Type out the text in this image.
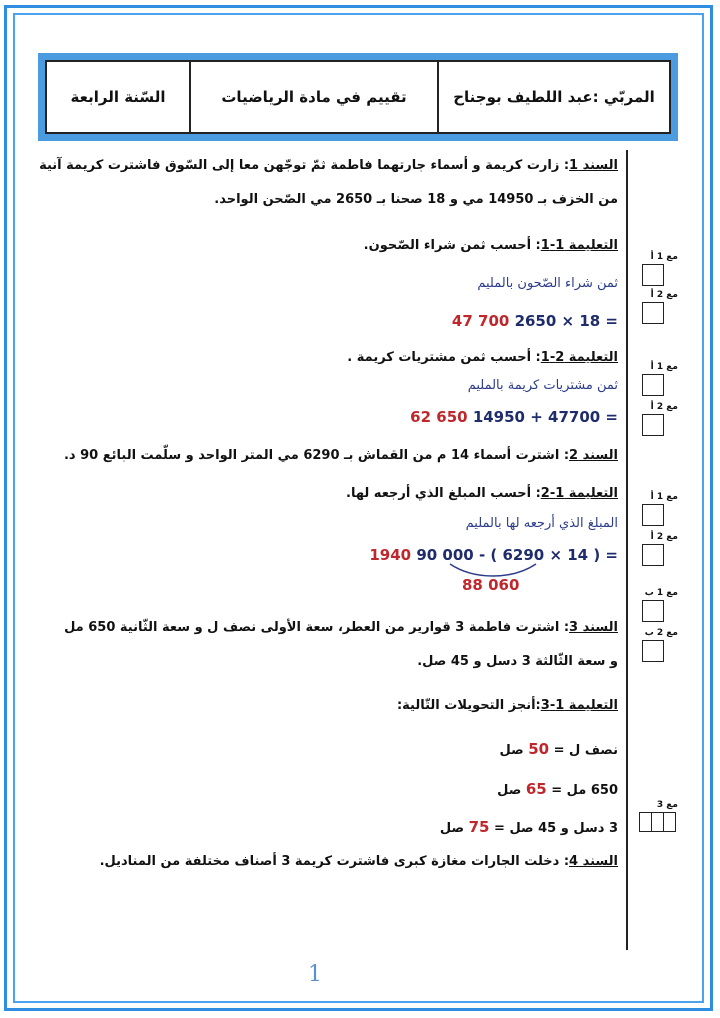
المربّي :عبد اللطيف بوجناح
تقييم في مادة الرياضيات
السّنة الرابعة
السند 1: زارت كريمة و أسماء جارتهما فاطمة ثمّ توجّهن معا إلى السّوق فاشترت كريمة آنية
من الخزف بـ 14950 مي و 18 صحنا بـ 2650 مي الصّحن الواحد.
التعليمة 1-1: أحسب ثمن شراء الصّحون.
ثمن شراء الصّحون بالمليم
47 700 2650 × 18 =
التعليمة 2-1: أحسب ثمن مشتريات كريمة .
ثمن مشتريات كريمة بالمليم
62 650 14950 + 47700 =
السند 2: اشترت أسماء 14 م من القماش بـ 6290 مي المتر الواحد و سلّمت البائع 90 د.
التعليمة 1-2: أحسب المبلغ الذي أرجعه لها.
المبلغ الذي أرجعه لها بالمليم
1940 90 000 - ( 6290 × 14 ) =
88 060
السند 3: اشترت فاطمة 3 قوارير من العطر، سعة الأولى نصف ل و سعة الثّانية 650 مل
و سعة الثّالثة 3 دسل و 45 صل.
التعليمة 1-3:أنجز التحويلات التّالية:
نصف ل = 50 صل
650 مل = 65 صل
3 دسل و 45 صل = 75 صل
السند 4: دخلت الجارات مغازة كبرى فاشترت كريمة 3 أصناف مختلفة من المناديل.
مع 1 أ
مع 2 أ
مع 1 أ
مع 2 أ
مع 1 أ
مع 2 أ
مع 1 ب
مع 2 ب
مع 3
1
